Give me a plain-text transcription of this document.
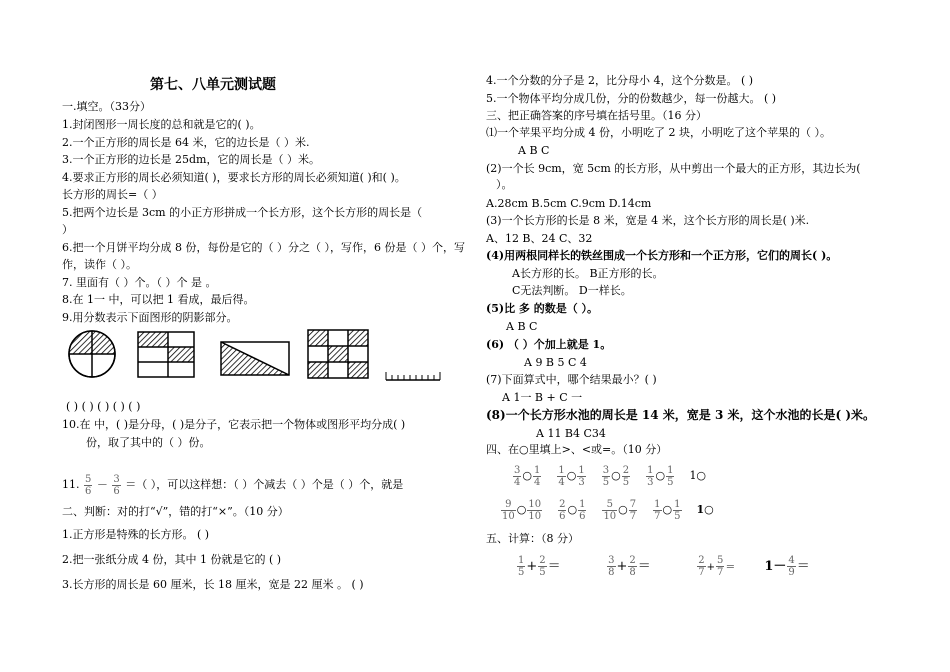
第七、八单元测试题
一.填空。（33分）
1.封闭图形一周长度的总和就是它的( )。
2.一个正方形的周长是 64 米，它的边长是（ ）米.
3.一个正方形的边长是 25dm，它的周长是（ ）米。
4.要求正方形的周长必须知道( )，要求长方形的周长必须知道( )和( )。
长方形的周长=（ ）
5.把两个边长是 3cm 的小正方形拼成一个长方形，这个长方形的周长是（
）
6.把一个月饼平均分成 8 份，每份是它的（ ）分之（ ），写作，6 份是（ ）个，写
作，读作（ ）。
7. 里面有（ ）个。（ ）个 是 。
8.在 1一 中，可以把 1 看成，最后得。
9.用分数表示下面图形的阴影部分。
( ) ( ) ( ) ( ) ( )
10.在 中，( )是分母，( )是分子，它表示把一个物体或图形平均分成( )
份，取了其中的（ ）份。
11. $\frac{5}{6} - \frac{3}{6}$ ＝（ ），可以这样想：（ ）个减去（ ）个是（ ）个，就是
二、判断：对的打“√”，错的打“×”。（10 分）
1.正方形是特殊的长方形。 ( )
2.把一张纸分成 4 份，其中 1 份就是它的 ( )
3.长方形的周长是 60 厘米，长 18 厘米，宽是 22 厘米 。 ( )
4.一个分数的分子是 2，比分母小 4，这个分数是。 ( )
5.一个物体平均分成几份，分的份数越少，每一份越大。 ( )
三、把正确答案的序号填在括号里。（16 分）
⑴一个苹果平均分成 4 份，小明吃了 2 块，小明吃了这个苹果的（ ）。
A B C
(2)一个长 9cm，宽 5cm 的长方形，从中剪出一个最大的正方形，其边长为(
）。
A.28cm B.5cm C.9cm D.14cm
(3)一个长方形的长是 8 米，宽是 4 米，这个长方形的周长是( )米.
A、12 B、24 C、32
(4)用两根同样长的铁丝围成一个长方形和一个正方形，它们的周长( )。
A长方形的长。 B正方形的长。
C无法判断。 D一样长。
(5)比 多 的数是（ ）。
A B C
(6) （ ）个加上就是 1。
A 9 B 5 C 4
(7)下面算式中，哪个结果最小？( )
A 1一 B + C 一
(8)一个长方形水池的周长是 14 米，宽是 3 米，这个水池的长是( )米。
A 11 B4 C34
四、在○里填上>、<或=。（10 分）
$\frac{3}{4}$ ○ $\frac{1}{4}$
$\frac{1}{4}$ ○ $\frac{1}{3}$
$\frac{3}{5}$ ○ $\frac{2}{5}$
$\frac{1}{3}$ ○ $\frac{1}{5}$ 1○
$\frac{9}{10}$ ○ $\frac{10}{10}$
$\frac{2}{6}$ ○ $\frac{1}{6}$
$\frac{5}{10}$ ○ $\frac{7}{7}$
$\frac{1}{7}$ ○ $\frac{1}{5}$ 1○
五、计算：（8 分）
$\frac{1}{5} + \frac{2}{5}$ ＝	$\frac{3}{8} + \frac{2}{8}$ ＝	$\frac{2}{7} + \frac{5}{7} = 1- \frac{4}{9}$ ＝
